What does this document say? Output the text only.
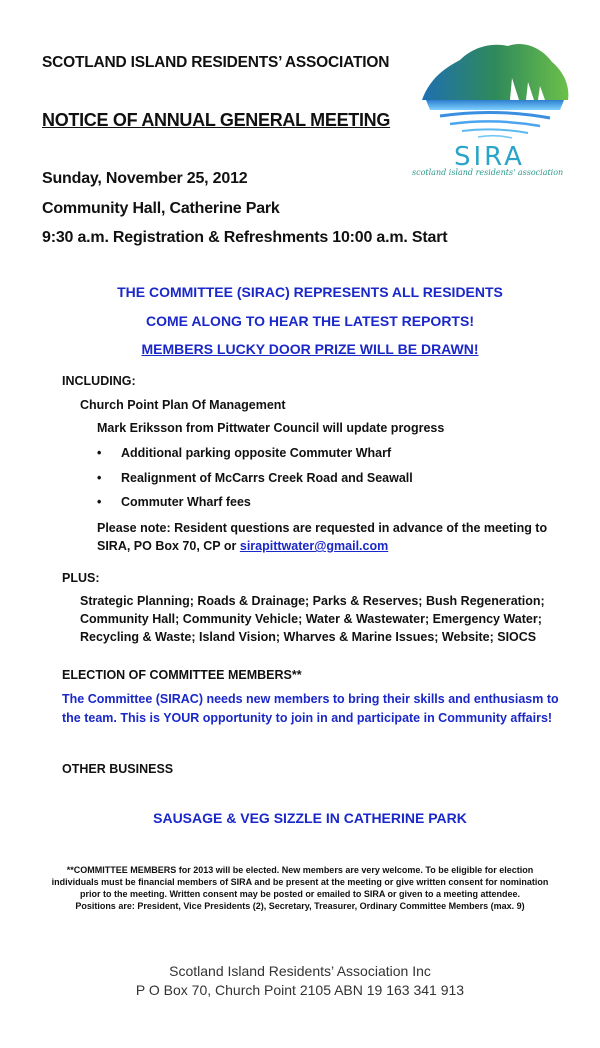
SCOTLAND ISLAND RESIDENTS’ ASSOCIATION
NOTICE OF ANNUAL GENERAL MEETING
SIRA
scotland island residents' association
Sunday, November 25, 2012
Community Hall, Catherine Park
9:30 a.m. Registration & Refreshments 10:00 a.m. Start
THE COMMITTEE (SIRAC) REPRESENTS ALL RESIDENTS
COME ALONG TO HEAR THE LATEST REPORTS!
MEMBERS LUCKY DOOR PRIZE WILL BE DRAWN!
INCLUDING:
Church Point Plan Of Management
Mark Eriksson from Pittwater Council will update progress
• Additional parking opposite Commuter Wharf
• Realignment of McCarrs Creek Road and Seawall
• Commuter Wharf fees
Please note: Resident questions are requested in advance of the meeting to
SIRA, PO Box 70, CP or sirapittwater@gmail.com
PLUS:
Strategic Planning; Roads & Drainage; Parks & Reserves; Bush Regeneration;
Community Hall; Community Vehicle; Water & Wastewater; Emergency Water;
Recycling & Waste; Island Vision; Wharves & Marine Issues; Website; SIOCS
ELECTION OF COMMITTEE MEMBERS**
The Committee (SIRAC) needs new members to bring their skills and enthusiasm to
the team. This is YOUR opportunity to join in and participate in Community affairs!
OTHER BUSINESS
SAUSAGE & VEG SIZZLE IN CATHERINE PARK
**COMMITTEE MEMBERS for 2013 will be elected. New members are very welcome. To be eligible for election
individuals must be financial members of SIRA and be present at the meeting or give written consent for nomination
prior to the meeting. Written consent may be posted or emailed to SIRA or given to a meeting attendee.
Positions are: President, Vice Presidents (2), Secretary, Treasurer, Ordinary Committee Members (max. 9)
Scotland Island Residents’ Association Inc
P O Box 70, Church Point 2105 ABN 19 163 341 913
